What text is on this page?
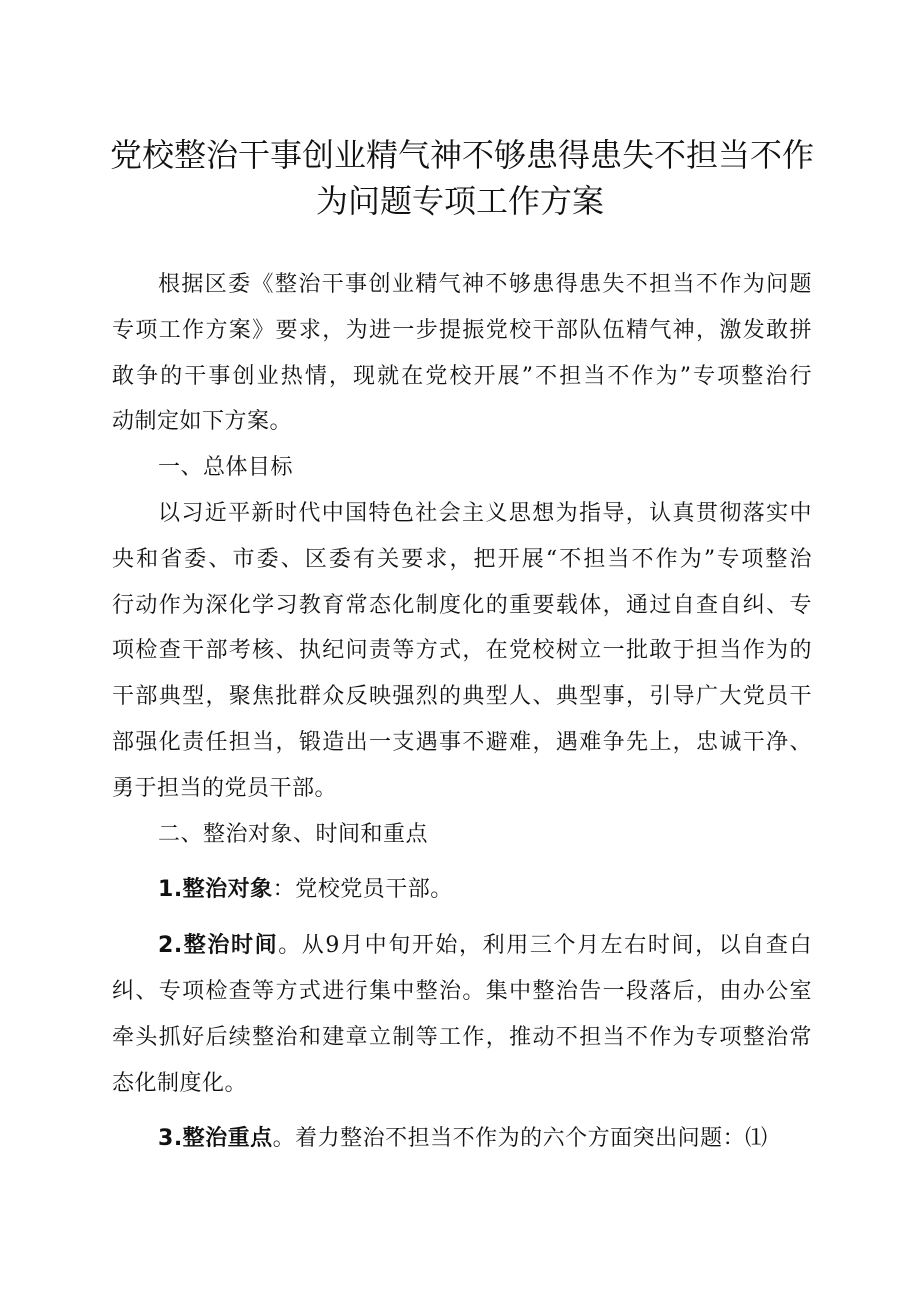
党校整治干事创业精气神不够患得患失不担当不作
为问题专项工作方案

根据区委《整治干事创业精气神不够患得患失不担当不作为问题
专项工作方案》要求，为进一步提振党校干部队伍精气神，激发敢拼
敢争的干事创业热情，现就在党校开展”不担当不作为”专项整治行
动制定如下方案。

一、总体目标

以习近平新时代中国特色社会主义思想为指导，认真贯彻落实中
央和省委、市委、区委有关要求，把开展“不担当不作为”专项整治
行动作为深化学习教育常态化制度化的重要载体，通过自查自纠、专
项检查干部考核、执纪问责等方式，在党校树立一批敢于担当作为的
干部典型，聚焦批群众反映强烈的典型人、典型事，引导广大党员干
部强化责任担当，锻造出一支遇事不避难，遇难争先上，忠诚干净、
勇于担当的党员干部。

二、整治对象、时间和重点

1.整治对象：党校党员干部。

2.整治时间。从9月中旬开始，利用三个月左右时间，以自查白
纠、专项检查等方式进行集中整治。集中整治告一段落后，由办公室
牵头抓好后续整治和建章立制等工作，推动不担当不作为专项整治常
态化制度化。

3.整治重点。着力整治不担当不作为的六个方面突出问题：⑴
